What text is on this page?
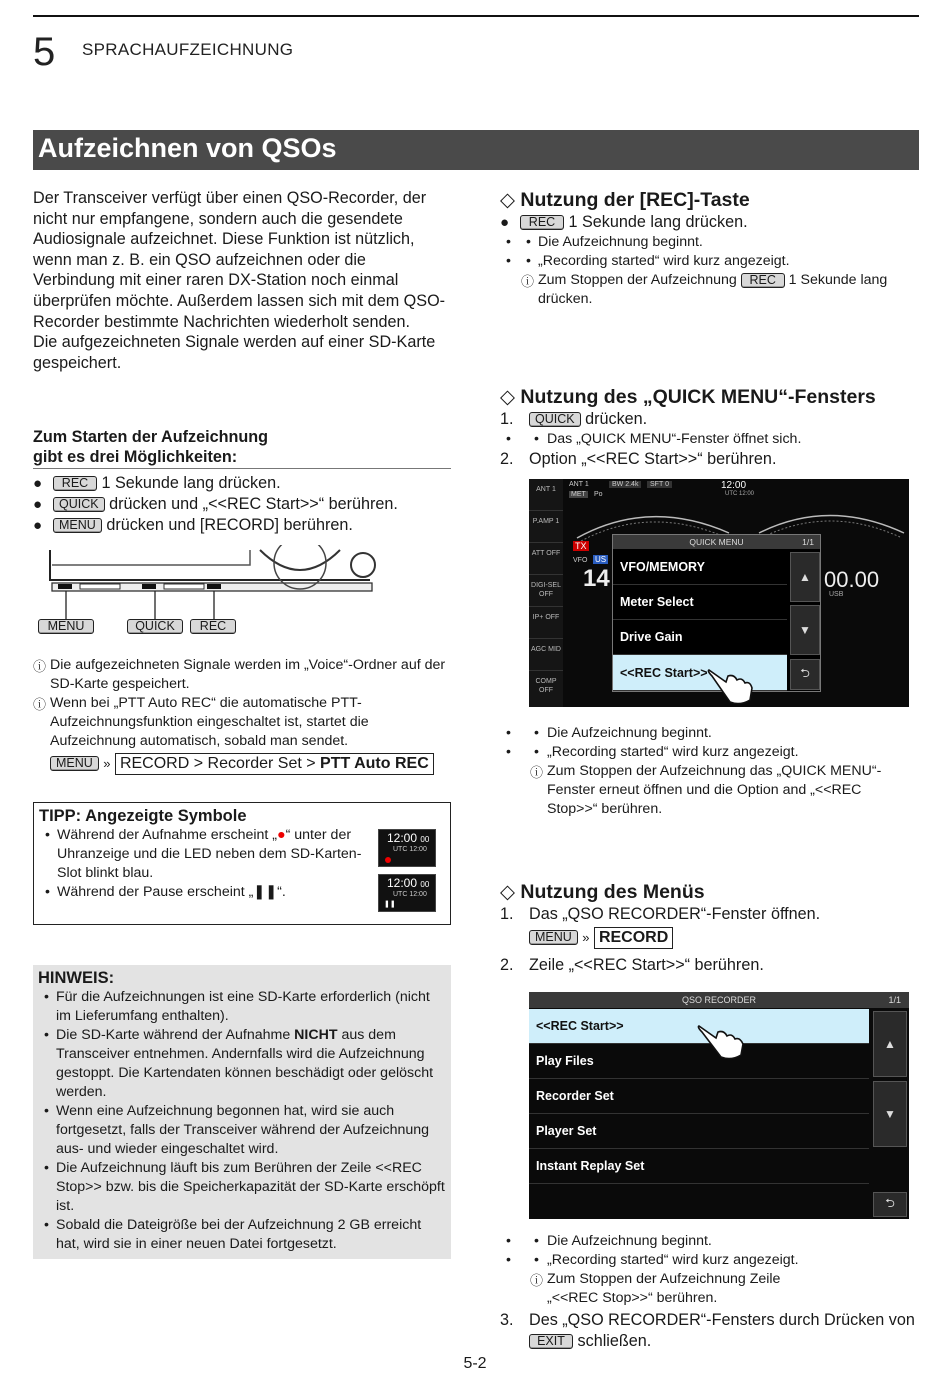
5 SPRACHAUFZEICHNUNG
Aufzeichnen von QSOs

Der Transceiver verfügt über einen QSO-Recorder, der nicht nur empfangene, sondern auch die gesendete Audiosignale aufzeichnet. Diese Funktion ist nützlich, wenn man z. B. ein QSO aufzeichnen oder die Verbindung mit einer raren DX-Station noch einmal überprüfen möchte. Außerdem lassen sich mit dem QSO-Recorder bestimmte Nachrichten wiederholt senden.

Die aufgezeichneten Signale werden auf einer SD-Karte gespeichert.

Zum Starten der Aufzeichnung
gibt es drei Möglichkeiten:
● REC 1 Sekunde lang drücken.
● QUICK drücken und „<<REC Start>>“ berühren.
● MENU drücken und [RECORD] berühren.
MENU	QUICK	REC
ⓘ Die aufgezeichneten Signale werden im „Voice“-Ordner auf der SD-Karte gespeichert.
ⓘ Wenn bei „PTT Auto REC“ die automatische PTT-Aufzeichnungsfunktion eingeschaltet ist, startet die Aufzeichnung automatisch, sobald man sendet.
MENU » RECORD > Recorder Set > PTT Auto REC
TIPP: Angezeigte Symbole
• Während der Aufnahme erscheint „●“ unter der Uhranzeige und die LED neben dem SD-Karten-Slot blinkt blau.
• Während der Pause erscheint „❚❚“.
12:00 00
UTC 12:00
12:00 00
UTC 12:00
❚❚
HINWEIS:
• Für die Aufzeichnungen ist eine SD-Karte erforderlich (nicht im Lieferumfang enthalten).
• Die SD-Karte während der Aufnahme NICHT aus dem Transceiver entnehmen. Andernfalls wird die Aufzeichnung gestoppt. Die Kartendaten können beschädigt oder gelöscht werden.
• Wenn eine Aufzeichnung begonnen hat, wird sie auch fortgesetzt, falls der Transceiver während der Aufzeichnung aus- und wieder eingeschaltet wird.
• Die Aufzeichnung läuft bis zum Berühren der Zeile <<REC Stop>> bzw. bis die Speicherkapazität der SD-Karte erschöpft ist.
• Sobald die Dateigröße bei der Aufzeichnung 2 GB erreicht hat, wird sie in einer neuen Datei fortgesetzt.
◇ Nutzung der [REC]-Taste
● REC 1 Sekunde lang drücken.
• • Die Aufzeichnung beginnt.
• • „Recording started“ wird kurz angezeigt.
ⓘ Zum Stoppen der Aufzeichnung REC 1 Sekunde lang drücken.
◇ Nutzung des „QUICK MENU“-Fensters
1. QUICK drücken.
• • Das „QUICK MENU“-Fenster öffnet sich.
2. Option „<<REC Start>>“ berühren.
ANT 1
P.AMP 1
ATT OFF
DIGI-SEL OFF
IP+ OFF
AGC MID
COMP OFF
ANT 1
MET Po
BW 2.4k	SFT 0	12:00
UTC 12:00
TX
VFO US
14	00.00
USB
QUICK MENU	1/1
VFO/MEMORY
Meter Select
Drive Gain
<<REC Start>>
▲
▼
⮌
• • Die Aufzeichnung beginnt.
• • „Recording started“ wird kurz angezeigt.
ⓘ Zum Stoppen der Aufzeichnung das „QUICK MENU“-Fenster erneut öffnen und die Option and „<<REC Stop>>“ berühren.
◇ Nutzung des Menüs
1. Das „QSO RECORDER“-Fenster öffnen.
MENU » RECORD
2. Zeile „<<REC Start>>“ berühren.
QSO RECORDER	1/1
<<REC Start>>
Play Files
Recorder Set
Player Set
Instant Replay Set
▲
▼
⮌
• • Die Aufzeichnung beginnt.
• • „Recording started“ wird kurz angezeigt.
ⓘ Zum Stoppen der Aufzeichnung Zeile „<<REC Stop>>“ berühren.
3. Des „QSO RECORDER“-Fensters durch Drücken von EXIT schließen.
5-2
